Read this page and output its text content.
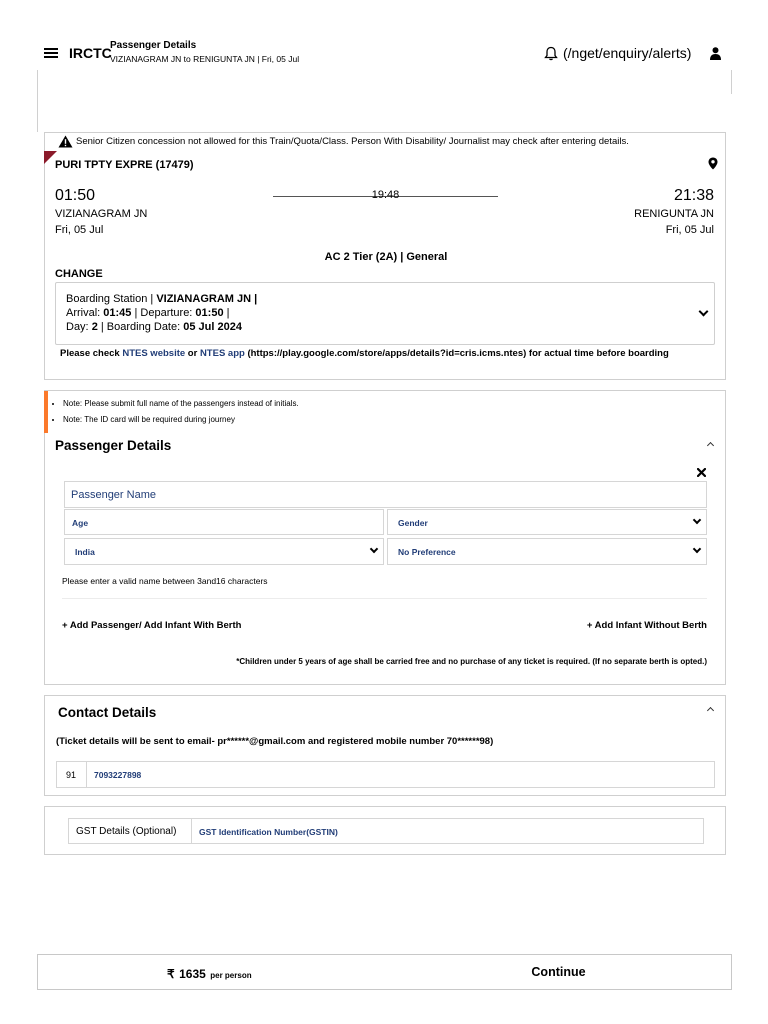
IRCTC
Passenger Details
VIZIANAGRAM JN to RENIGUNTA JN | Fri, 05 Jul	(/nget/enquiry/alerts)
Senior Citizen concession not allowed for this Train/Quota/Class. Person With Disability/ Journalist may check after entering details.
PURI TPTY EXPRE (17479)
01:50	19:48	21:38
VIZIANAGRAM JN	RENIGUNTA JN
Fri, 05 Jul	Fri, 05 Jul
AC 2 Tier (2A) | General
CHANGE
Boarding Station | VIZIANAGRAM JN |
Arrival: 01:45 | Departure: 01:50 |
Day: 2 | Boarding Date: 05 Jul 2024
Please check NTES website or NTES app (https://play.google.com/store/apps/details?id=cris.icms.ntes) for actual time before boarding
• Note: Please submit full name of the passengers instead of initials.
• Note: The ID card will be required during journey
Passenger Details
Passenger Name
Age	Gender
India	No Preference
Please enter a valid name between 3and16 characters
+ Add Passenger/ Add Infant With Berth	+ Add Infant Without Berth
*Children under 5 years of age shall be carried free and no purchase of any ticket is required. (If no separate berth is opted.)
Contact Details
(Ticket details will be sent to email- pr******@gmail.com and registered mobile number 70******98)
91 7093227898
GST Details (Optional)	GST Identification Number(GSTIN)
₹ 1635 per person	Continue
